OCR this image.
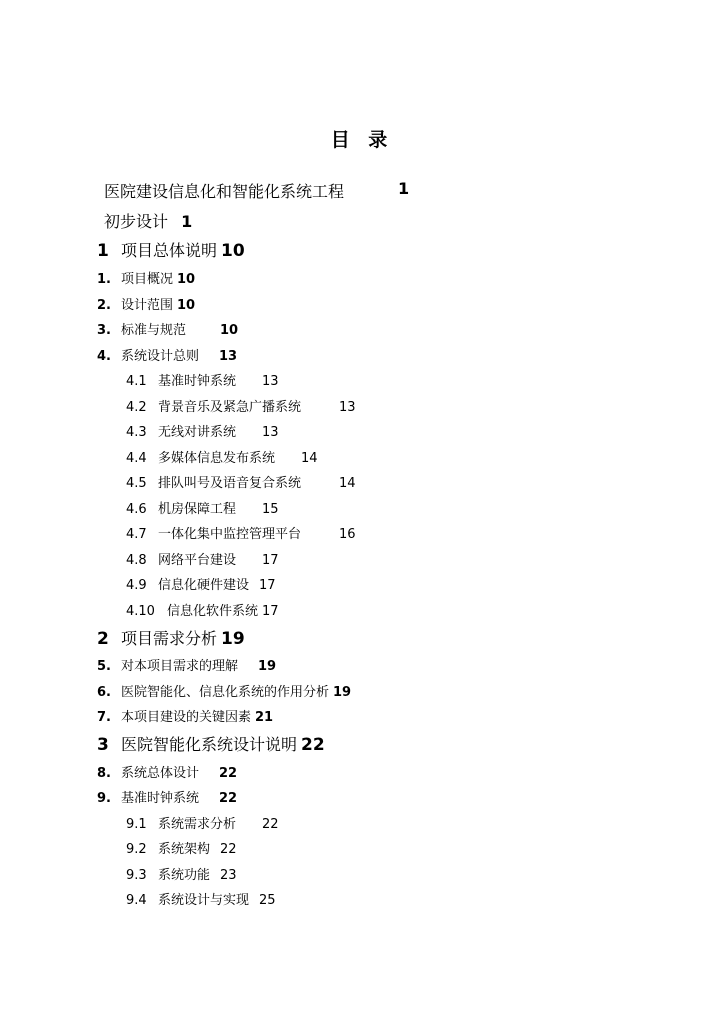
目 录
医院建设信息化和智能化系统工程	1
初步设计 1
1 项目总体说明 10
1. 项目概况 10
2. 设计范围 10
3. 标准与规范	10
4. 系统设计总则 13
4.1 基准时钟系统 13
4.2 背景音乐及紧急广播系统	13
4.3 无线对讲系统 13
4.4 多媒体信息发布系统 14
4.5 排队叫号及语音复合系统	14
4.6 机房保障工程 15
4.7 一体化集中监控管理平台	16
4.8 网络平台建设 17
4.9 信息化硬件建设 17
4.10 信息化软件系统 17
2 项目需求分析 19
5. 对本项目需求的理解 19
6. 医院智能化、信息化系统的作用分析 19
7. 本项目建设的关键因素 21
3 医院智能化系统设计说明 22
8. 系统总体设计 22
9. 基准时钟系统 22
9.1 系统需求分析 22
9.2 系统架构 22
9.3 系统功能 23
9.4 系统设计与实现 25
